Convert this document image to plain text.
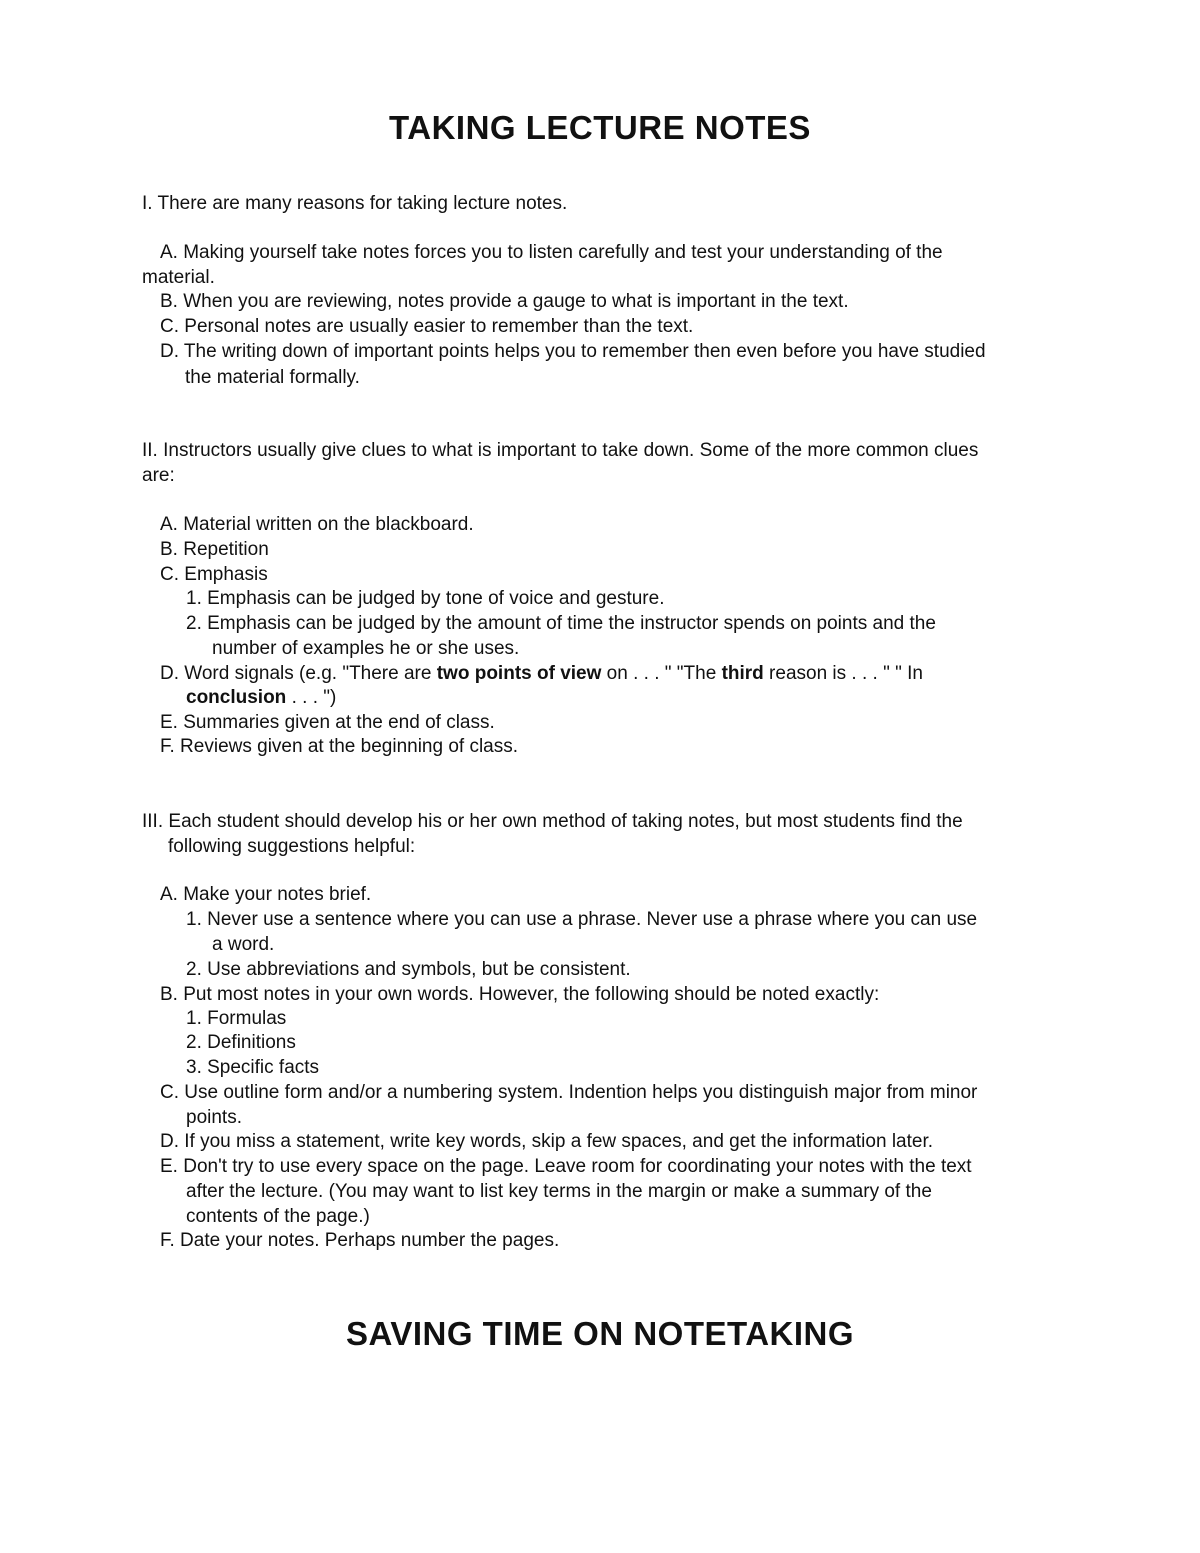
TAKING LECTURE NOTES
I. There are many reasons for taking lecture notes.
A. Making yourself take notes forces you to listen carefully and test your understanding of the
material.
B. When you are reviewing, notes provide a gauge to what is important in the text.
C. Personal notes are usually easier to remember than the text.
D. The writing down of important points helps you to remember then even before you have studied
the material formally.
II. Instructors usually give clues to what is important to take down. Some of the more common clues
are:
A. Material written on the blackboard.
B. Repetition
C. Emphasis
1. Emphasis can be judged by tone of voice and gesture.
2. Emphasis can be judged by the amount of time the instructor spends on points and the
number of examples he or she uses.
D. Word signals (e.g. "There are two points of view on . . . " "The third reason is . . . " " In
conclusion . . . ")
E. Summaries given at the end of class.
F. Reviews given at the beginning of class.
III. Each student should develop his or her own method of taking notes, but most students find the
following suggestions helpful:
A. Make your notes brief.
1. Never use a sentence where you can use a phrase. Never use a phrase where you can use
a word.
2. Use abbreviations and symbols, but be consistent.
B. Put most notes in your own words. However, the following should be noted exactly:
1. Formulas
2. Definitions
3. Specific facts
C. Use outline form and/or a numbering system. Indention helps you distinguish major from minor
points.
D. If you miss a statement, write key words, skip a few spaces, and get the information later.
E. Don't try to use every space on the page. Leave room for coordinating your notes with the text
after the lecture. (You may want to list key terms in the margin or make a summary of the
contents of the page.)
F. Date your notes. Perhaps number the pages.
SAVING TIME ON NOTETAKING
